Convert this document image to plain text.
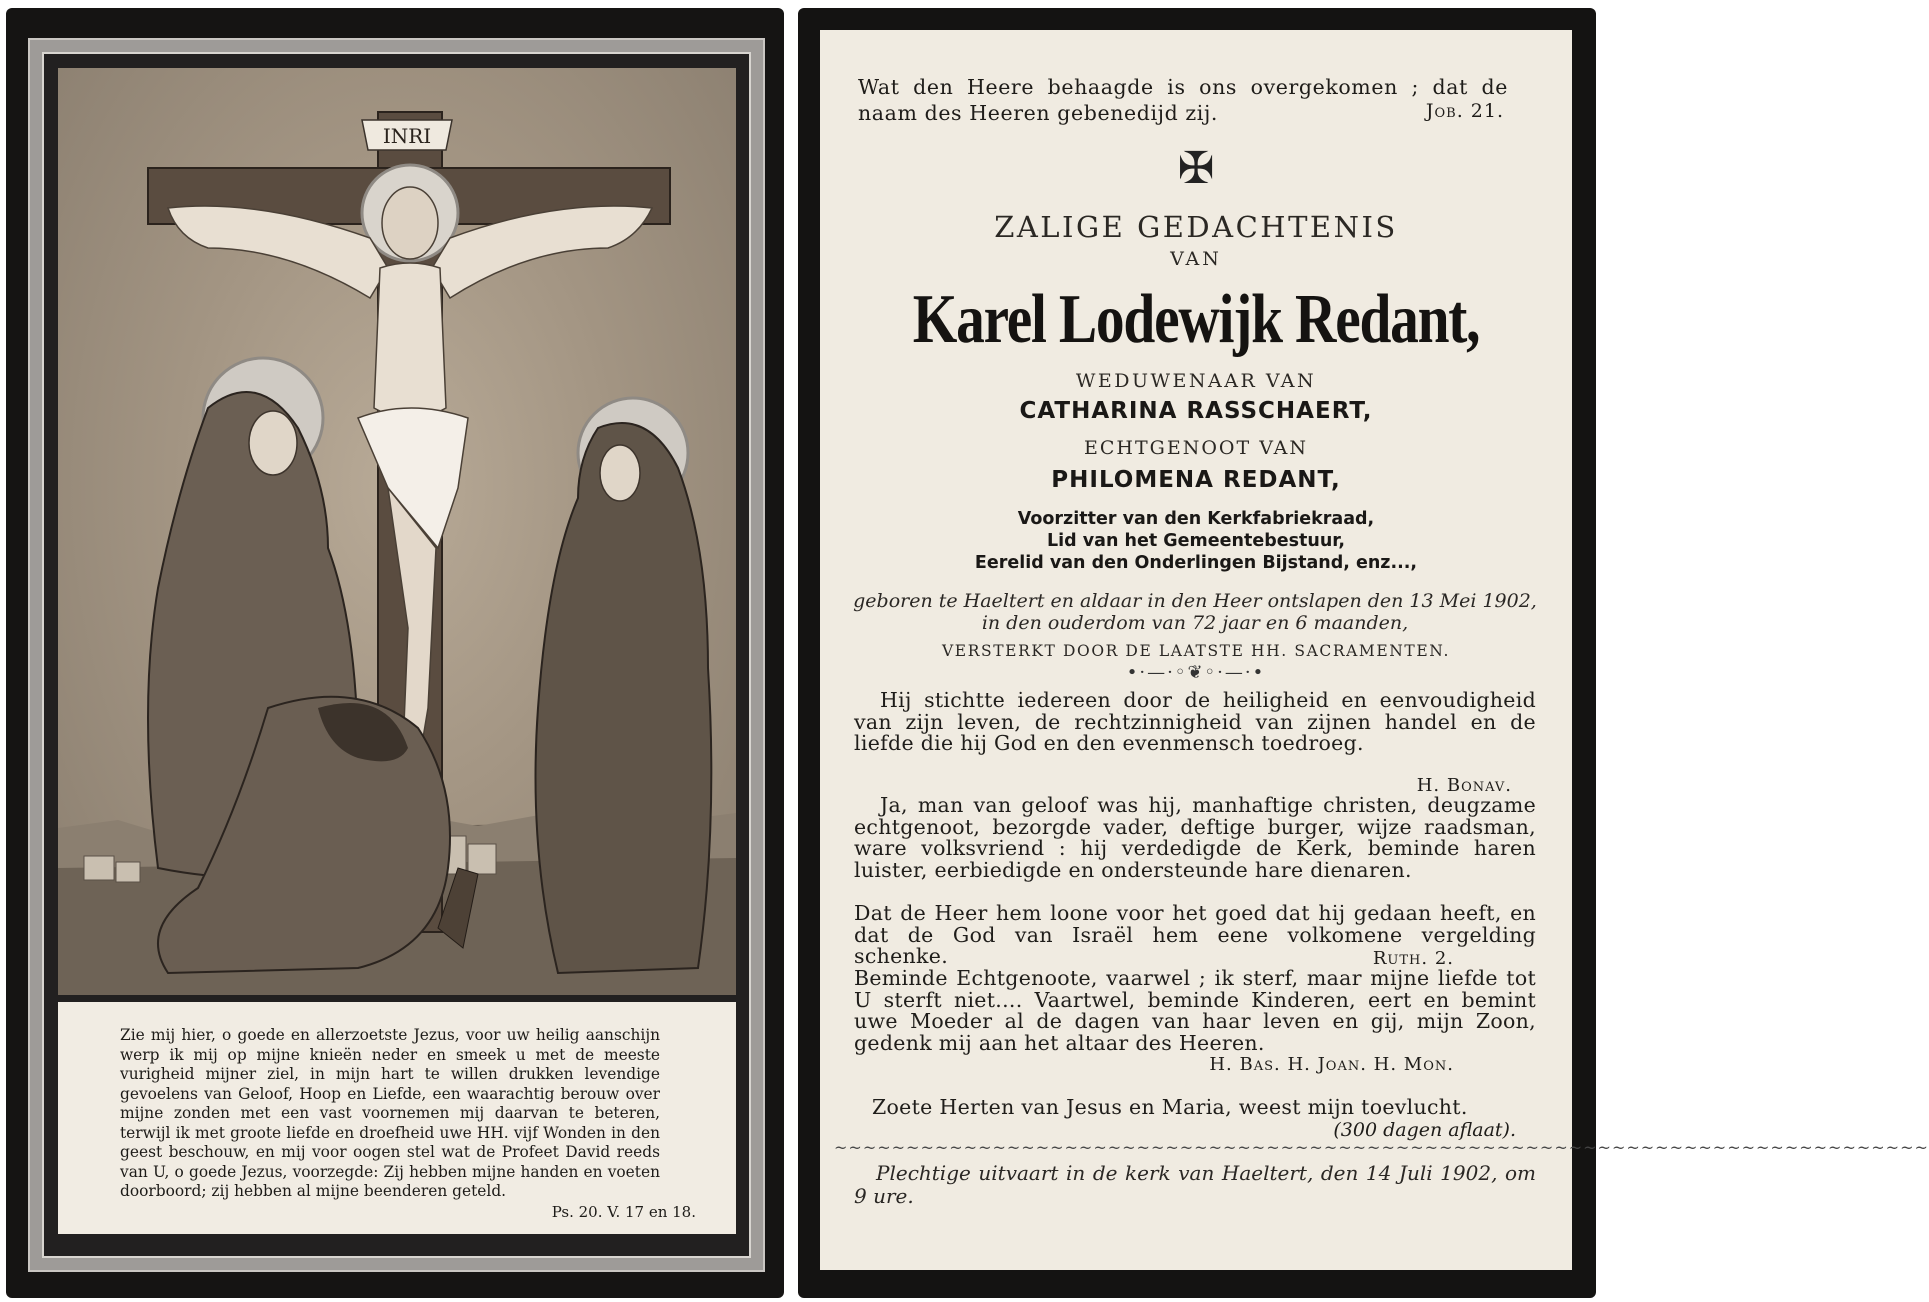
INRI

Zie mij hier, o goede en allerzoetste Jezus, voor uw heilig aanschijn werp ik mij op mijne knieën neder en smeek u met de meeste vurigheid mijner ziel, in mijn hart te willen drukken levendige gevoelens van Geloof, Hoop en Liefde, een waarachtig berouw over mijne zonden met een vast voornemen mij daarvan te beteren, terwijl ik met groote liefde en droefheid uwe HH. vijf Wonden in den geest beschouw, en mij voor oogen stel wat de Profeet David reeds van U, o goede Jezus, voorzegde: Zij hebben mijne handen en voeten doorboord; zij hebben al mijne beenderen geteld.

Ps. 20. V. 17 en 18.

Wat den Heere behaagde is ons overgekomen ; dat de naam des Heeren gebenedijd zij.	Job. 21.
✠
ZALIGE GEDACHTENIS
VAN
Karel Lodewijk Redant,
WEDUWENAAR VAN
CATHARINA RASSCHAERT,
ECHTGENOOT VAN
PHILOMENA REDANT,
Voorzitter van den Kerkfabriekraad,
Lid van het Gemeentebestuur,
Eerelid van den Onderlingen Bijstand, enz...,
geboren te Haeltert en aldaar in den Heer ontslapen den 13 Mei 1902, in den ouderdom van 72 jaar en 6 maanden,
VERSTERKT DOOR DE LAATSTE HH. SACRAMENTEN.
•·—·◦❦◦·—·•

Hij stichtte iedereen door de heiligheid en eenvoudigheid van zijn leven, de rechtzinnigheid van zijnen handel en de liefde die hij God en den evenmensch toedroeg.

H. Bonav.

Ja, man van geloof was hij, manhaftige christen, deugzame echtgenoot, bezorgde vader, deftige burger, wijze raadsman, ware volksvriend : hij verdedigde de Kerk, beminde haren luister, eerbiedigde en ondersteunde hare dienaren.

Dat de Heer hem loone voor het goed dat hij gedaan heeft, en dat de God van Israël hem eene volkomene vergelding schenke.	Ruth. 2.

Beminde Echtgenoote, vaarwel ; ik sterf, maar mijne liefde tot U sterft niet.... Vaartwel, beminde Kinderen, eert en bemint uwe Moeder al de dagen van haar leven en gij, mijn Zoon, gedenk mij aan het altaar des Heeren.

H. Bas. H. Joan. H. Mon.

Zoete Herten van Jesus en Maria, weest mijn toevlucht.

(300 dagen aflaat).
~~~~~~~~~~~~~~~~~~~~~~~~~~~~~~~~~~~~~~~~~~~~~~~~~~~~~~~~~~~~~~~~~~~~~~~~~~~~

Plechtige uitvaart in de kerk van Haeltert, den 14 Juli 1902, om 9 ure.
